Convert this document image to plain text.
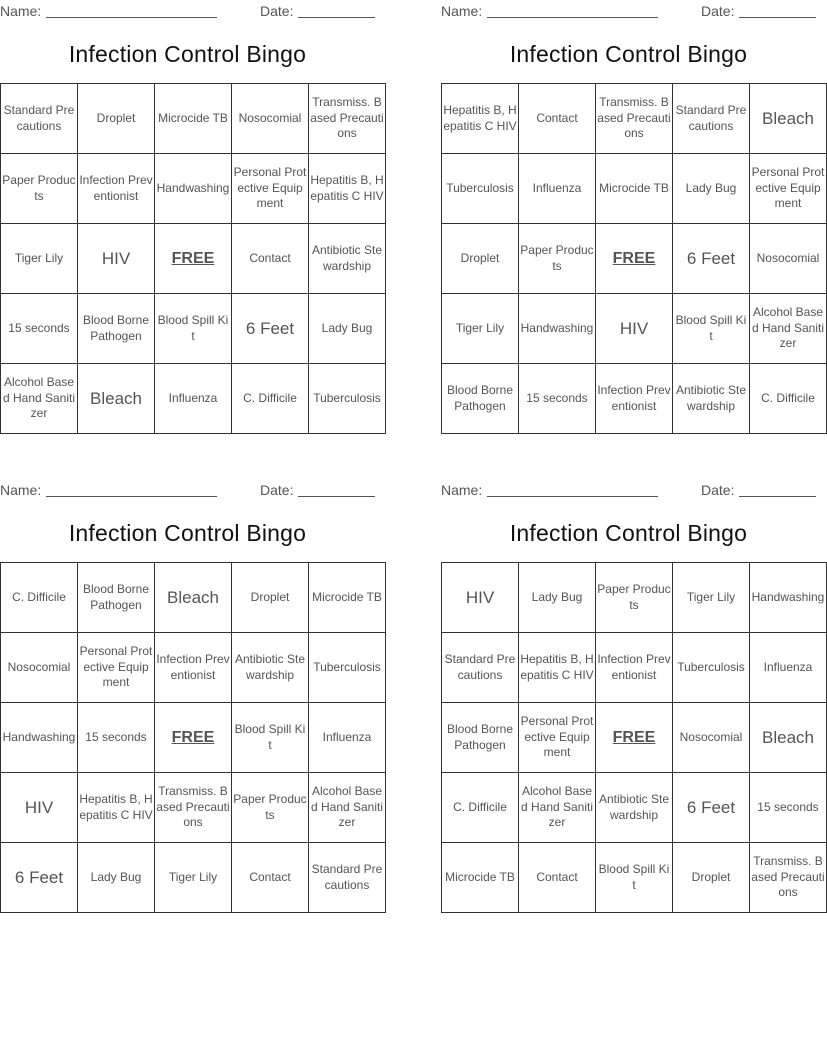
Name:	Date:
Infection Control Bingo
Standard Precautions	Droplet	Microcide TB	Nosocomial	Transmiss. Based Precautions
Paper Products	Infection Preventionist	Handwashing	Personal Protective Equipment	Hepatitis B, Hepatitis C HIV
Tiger Lily	HIV	FREE	Contact	Antibiotic Stewardship
15 seconds	Blood Borne Pathogen	Blood Spill Kit	6 Feet	Lady Bug
Alcohol Based Hand Sanitizer	Bleach	Influenza	C. Difficile	Tuberculosis
Name:	Date:
Infection Control Bingo
Hepatitis B, Hepatitis C HIV	Contact	Transmiss. Based Precautions	Standard Precautions	Bleach
Tuberculosis	Influenza	Microcide TB	Lady Bug	Personal Protective Equipment
Droplet	Paper Products	FREE	6 Feet	Nosocomial
Tiger Lily	Handwashing	HIV	Blood Spill Kit	Alcohol Based Hand Sanitizer
Blood Borne Pathogen	15 seconds	Infection Preventionist	Antibiotic Stewardship	C. Difficile
Name:	Date:
Infection Control Bingo
C. Difficile	Blood Borne Pathogen	Bleach	Droplet	Microcide TB
Nosocomial	Personal Protective Equipment	Infection Preventionist	Antibiotic Stewardship	Tuberculosis
Handwashing	15 seconds	FREE	Blood Spill Kit	Influenza
HIV	Hepatitis B, Hepatitis C HIV	Transmiss. Based Precautions	Paper Products	Alcohol Based Hand Sanitizer
6 Feet	Lady Bug	Tiger Lily	Contact	Standard Precautions
Name:	Date:
Infection Control Bingo
HIV	Lady Bug	Paper Products	Tiger Lily	Handwashing
Standard Precautions	Hepatitis B, Hepatitis C HIV	Infection Preventionist	Tuberculosis	Influenza
Blood Borne Pathogen	Personal Protective Equipment	FREE	Nosocomial	Bleach
C. Difficile	Alcohol Based Hand Sanitizer	Antibiotic Stewardship	6 Feet	15 seconds
Microcide TB	Contact	Blood Spill Kit	Droplet	Transmiss. Based Precautions
